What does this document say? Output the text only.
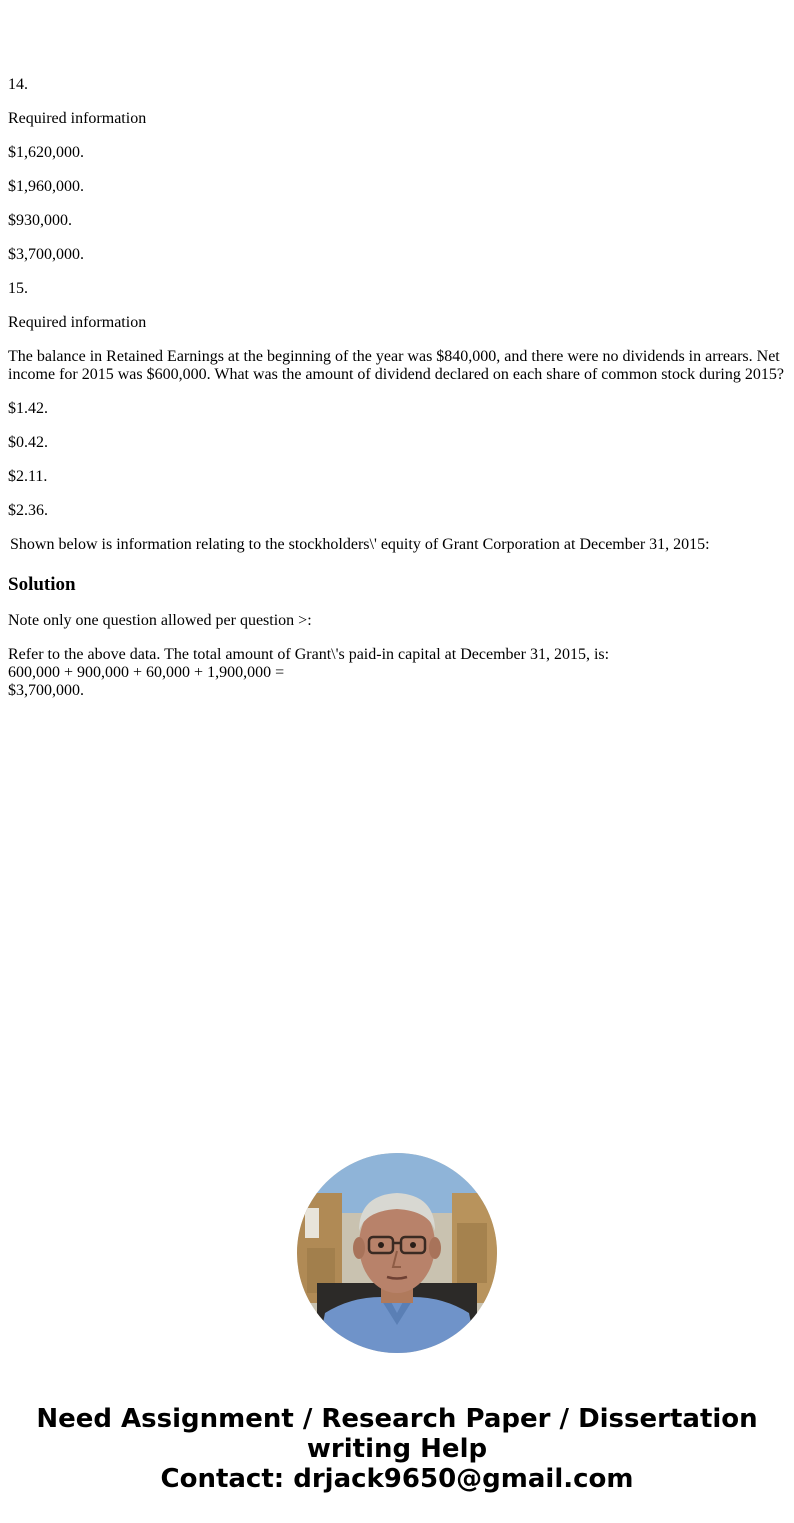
14.

Required information

$1,620,000.

$1,960,000.

$930,000.

$3,700,000.

15.

Required information

The balance in Retained Earnings at the beginning of the year was $840,000, and there were no dividends in arrears. Net income for 2015 was $600,000. What was the amount of dividend declared on each share of common stock during 2015?

$1.42.

$0.42.

$2.11.

$2.36.

Shown below is information relating to the stockholders\' equity of Grant Corporation at December 31, 2015:

Solution

Note only one question allowed per question >:

Refer to the above data. The total amount of Grant\'s paid-in capital at December 31, 2015, is:
600,000 + 900,000 + 60,000 + 1,900,000 =
$3,700,000.

Need Assignment / Research Paper / Dissertation
writing Help
Contact: drjack9650@gmail.com
